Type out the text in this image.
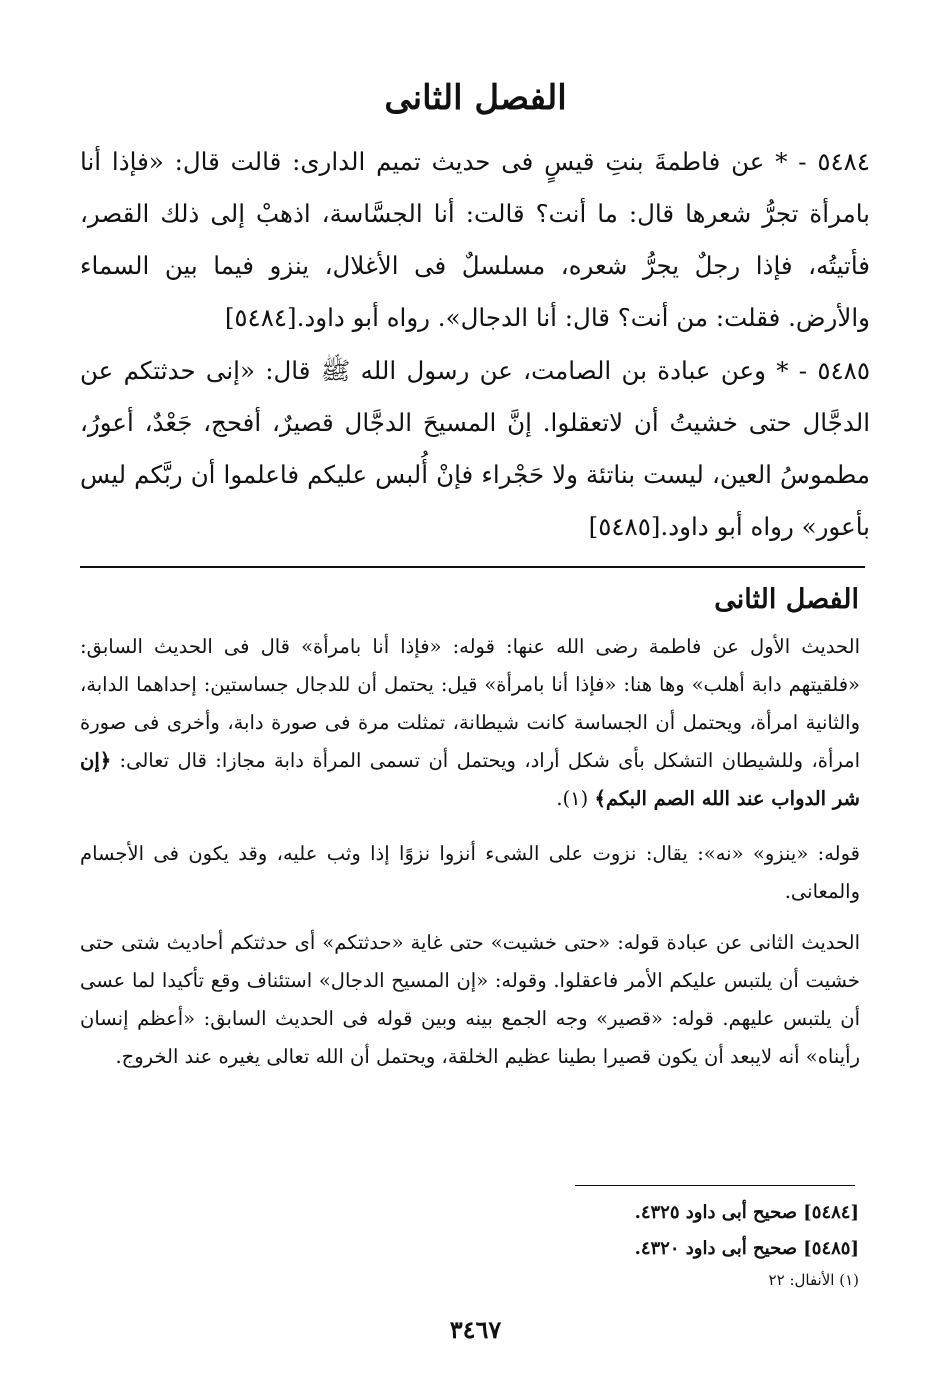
الفصل الثانى
٥٤٨٤ - * عن فاطمةَ بنتِ قيسٍ فى حديث تميم الدارى: قالت قال: «فإذا أنا بامرأة تجرُّ شعرها قال: ما أنت؟ قالت: أنا الجسَّاسة، اذهبْ إلى ذلك القصر، فأتيتُه، فإذا رجلٌ يجرُّ شعره، مسلسلٌ فى الأغلال، ينزو فيما بين السماء والأرض. فقلت: من أنت؟ قال: أنا الدجال». رواه أبو داود.[٥٤٨٤]
٥٤٨٥ - * وعن عبادة بن الصامت، عن رسول الله ﷺ قال: «إنى حدثتكم عن الدجَّال حتى خشيتُ أن لاتعقلوا. إنَّ المسيحَ الدجَّال قصيرٌ، أفحج، جَعْدٌ، أعورُ، مطموسُ العين، ليست بناتئة ولا حَجْراء فإنْ أُلبس عليكم فاعلموا أن ربَّكم ليس بأعور» رواه أبو داود.[٥٤٨٥]
الفصل الثانى
الحديث الأول عن فاطمة رضى الله عنها: قوله: «فإذا أنا بامرأة» قال فى الحديث السابق: «فلقيتهم دابة أهلب» وها هنا: «فإذا أنا بامرأة» قيل: يحتمل أن للدجال جساستين: إحداهما الدابة، والثانية امرأة، ويحتمل أن الجساسة كانت شيطانة، تمثلت مرة فى صورة دابة، وأخرى فى صورة امرأة، وللشيطان التشكل بأى شكل أراد، ويحتمل أن تسمى المرأة دابة مجازا: قال تعالى: ﴿إن شر الدواب عند الله الصم البكم﴾ (١).
قوله: «ينزو» «نه»: يقال: نزوت على الشىء أنزوا نزوًا إذا وثب عليه، وقد يكون فى الأجسام والمعانى.
الحديث الثانى عن عبادة قوله: «حتى خشيت» حتى غاية «حدثتكم» أى حدثتكم أحاديث شتى حتى خشيت أن يلتبس عليكم الأمر فاعقلوا. وقوله: «إن المسيح الدجال» استئناف وقع تأكيدا لما عسى أن يلتبس عليهم. قوله: «قصير» وجه الجمع بينه وبين قوله فى الحديث السابق: «أعظم إنسان رأيناه» أنه لايبعد أن يكون قصيرا بطينا عظيم الخلقة، ويحتمل أن الله تعالى يغيره عند الخروج.
[٥٤٨٤] صحيح أبى داود ٤٣٢٥.
[٥٤٨٥] صحيح أبى داود ٤٣٢٠.
(١) الأنفال: ٢٢
٣٤٦٧
